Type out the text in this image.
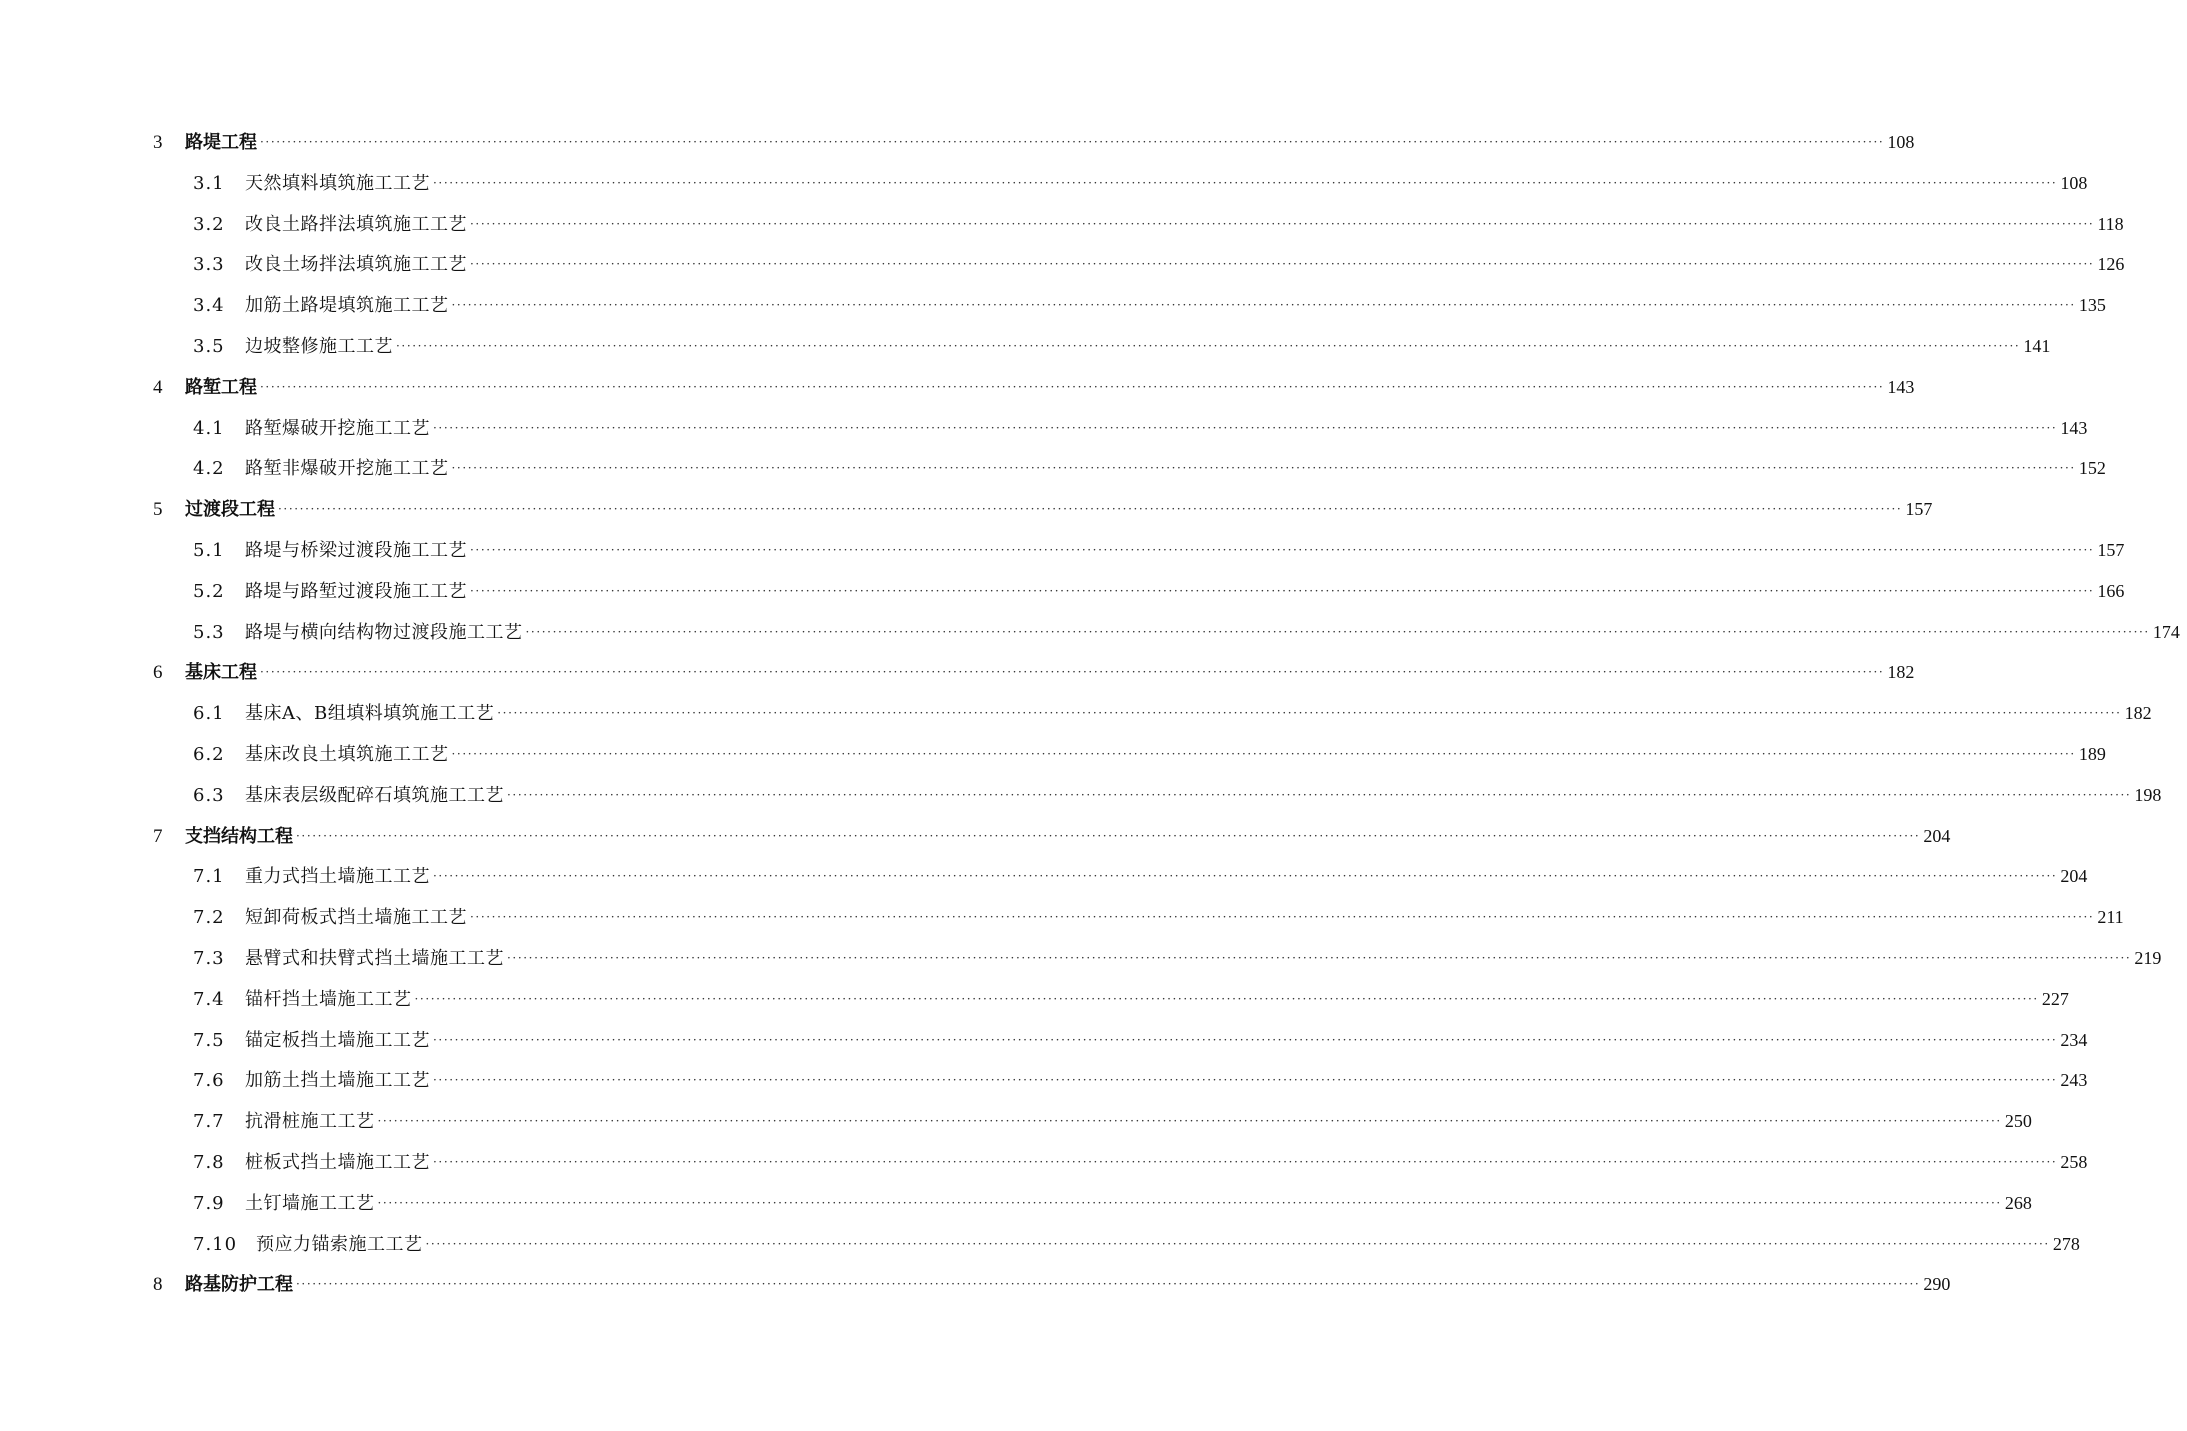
3	路堤工程 ············································································································································································································································································································ 108
3.1	天然填料填筑施工工艺 ············································································································································································································································································································ 108
3.2	改良土路拌法填筑施工工艺 ············································································································································································································································································································ 118
3.3	改良土场拌法填筑施工工艺 ············································································································································································································································································································ 126
3.4	加筋土路堤填筑施工工艺 ············································································································································································································································································································ 135
3.5	边坡整修施工工艺 ············································································································································································································································································································ 141
4	路堑工程 ············································································································································································································································································································ 143
4.1	路堑爆破开挖施工工艺 ············································································································································································································································································································ 143
4.2	路堑非爆破开挖施工工艺 ············································································································································································································································································································ 152
5	过渡段工程 ············································································································································································································································································································ 157
5.1	路堤与桥梁过渡段施工工艺 ············································································································································································································································································································ 157
5.2	路堤与路堑过渡段施工工艺 ············································································································································································································································································································ 166
5.3	路堤与横向结构物过渡段施工工艺 ············································································································································································································································································································ 174
6	基床工程 ············································································································································································································································································································ 182
6.1	基床A、B组填料填筑施工工艺 ············································································································································································································································································································ 182
6.2	基床改良土填筑施工工艺 ············································································································································································································································································································ 189
6.3	基床表层级配碎石填筑施工工艺 ············································································································································································································································································································ 198
7	支挡结构工程 ············································································································································································································································································································ 204
7.1	重力式挡土墙施工工艺 ············································································································································································································································································································ 204
7.2	短卸荷板式挡土墙施工工艺 ············································································································································································································································································································ 211
7.3	悬臂式和扶臂式挡土墙施工工艺 ············································································································································································································································································································ 219
7.4	锚杆挡土墙施工工艺 ············································································································································································································································································································ 227
7.5	锚定板挡土墙施工工艺 ············································································································································································································································································································ 234
7.6	加筋土挡土墙施工工艺 ············································································································································································································································································································ 243
7.7	抗滑桩施工工艺 ············································································································································································································································································································ 250
7.8	桩板式挡土墙施工工艺 ············································································································································································································································································································ 258
7.9	土钉墙施工工艺 ············································································································································································································································································································ 268
7.10	预应力锚索施工工艺 ············································································································································································································································································································ 278
8	路基防护工程 ············································································································································································································································································································ 290
